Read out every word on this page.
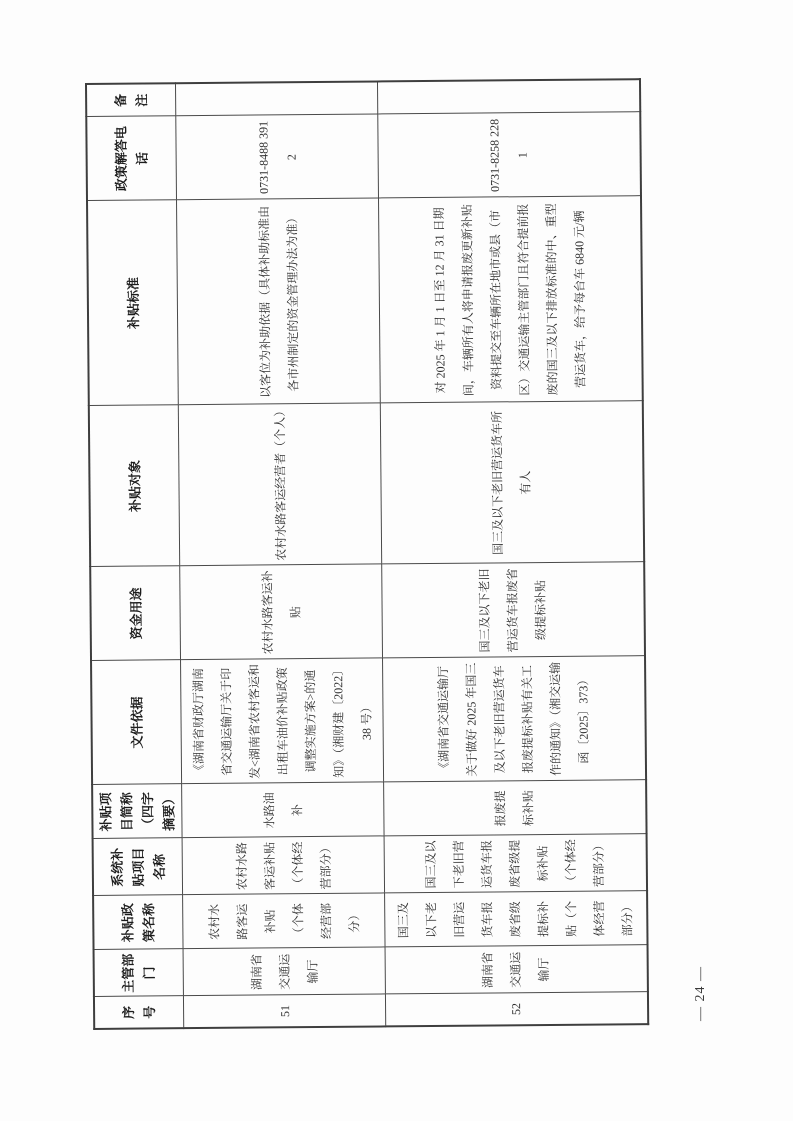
序号	主管部门	补贴政策名称	系统补贴项目名称	补贴项目简称（四字摘要）	文件依据	资金用途	补贴对象	补贴标准	政策解答电话	备注
51	湖南省交通运输厅	农村水路客运补贴（个体经营部分）	农村水路客运补贴（个体经营部分）	水路油补	《湖南省财政厅湖南省交通运输厅关于印发<湖南省农村客运和出租车油价补贴政策调整实施方案>的通知》（湘财建〔2022〕38 号）	农村水路客运补贴	农村水路客运经营者（个人）	以客位为补助依据（具体补助标准由各市州制定的资金管理办法为准）	0731-8488 3912	
52	湖南省交通运输厅	国三及以下老旧营运货车报废省级提标补贴（个体经营部分）	国三及以下老旧营运货车报废省级提标补贴（个体经营部分）	报废提标补贴	《湖南省交通运输厅关于做好 2025 年国三及以下老旧营运货车报废提标补贴有关工作的通知》（湘交运输函〔2025〕373）	国三及以下老旧营运货车报废省级提标补贴	国三及以下老旧营运货车所有人	对 2025 年 1 月 1 日至 12 月 31 日期间，车辆所有人将申请报废更新补贴资料提交至车辆所在地市或县（市区）交通运输主管部门且符合提前报废的国三及以下排放标准的中、重型营运货车，给予每台车 6840 元/辆	0731-8258 2281	
— 24 —
